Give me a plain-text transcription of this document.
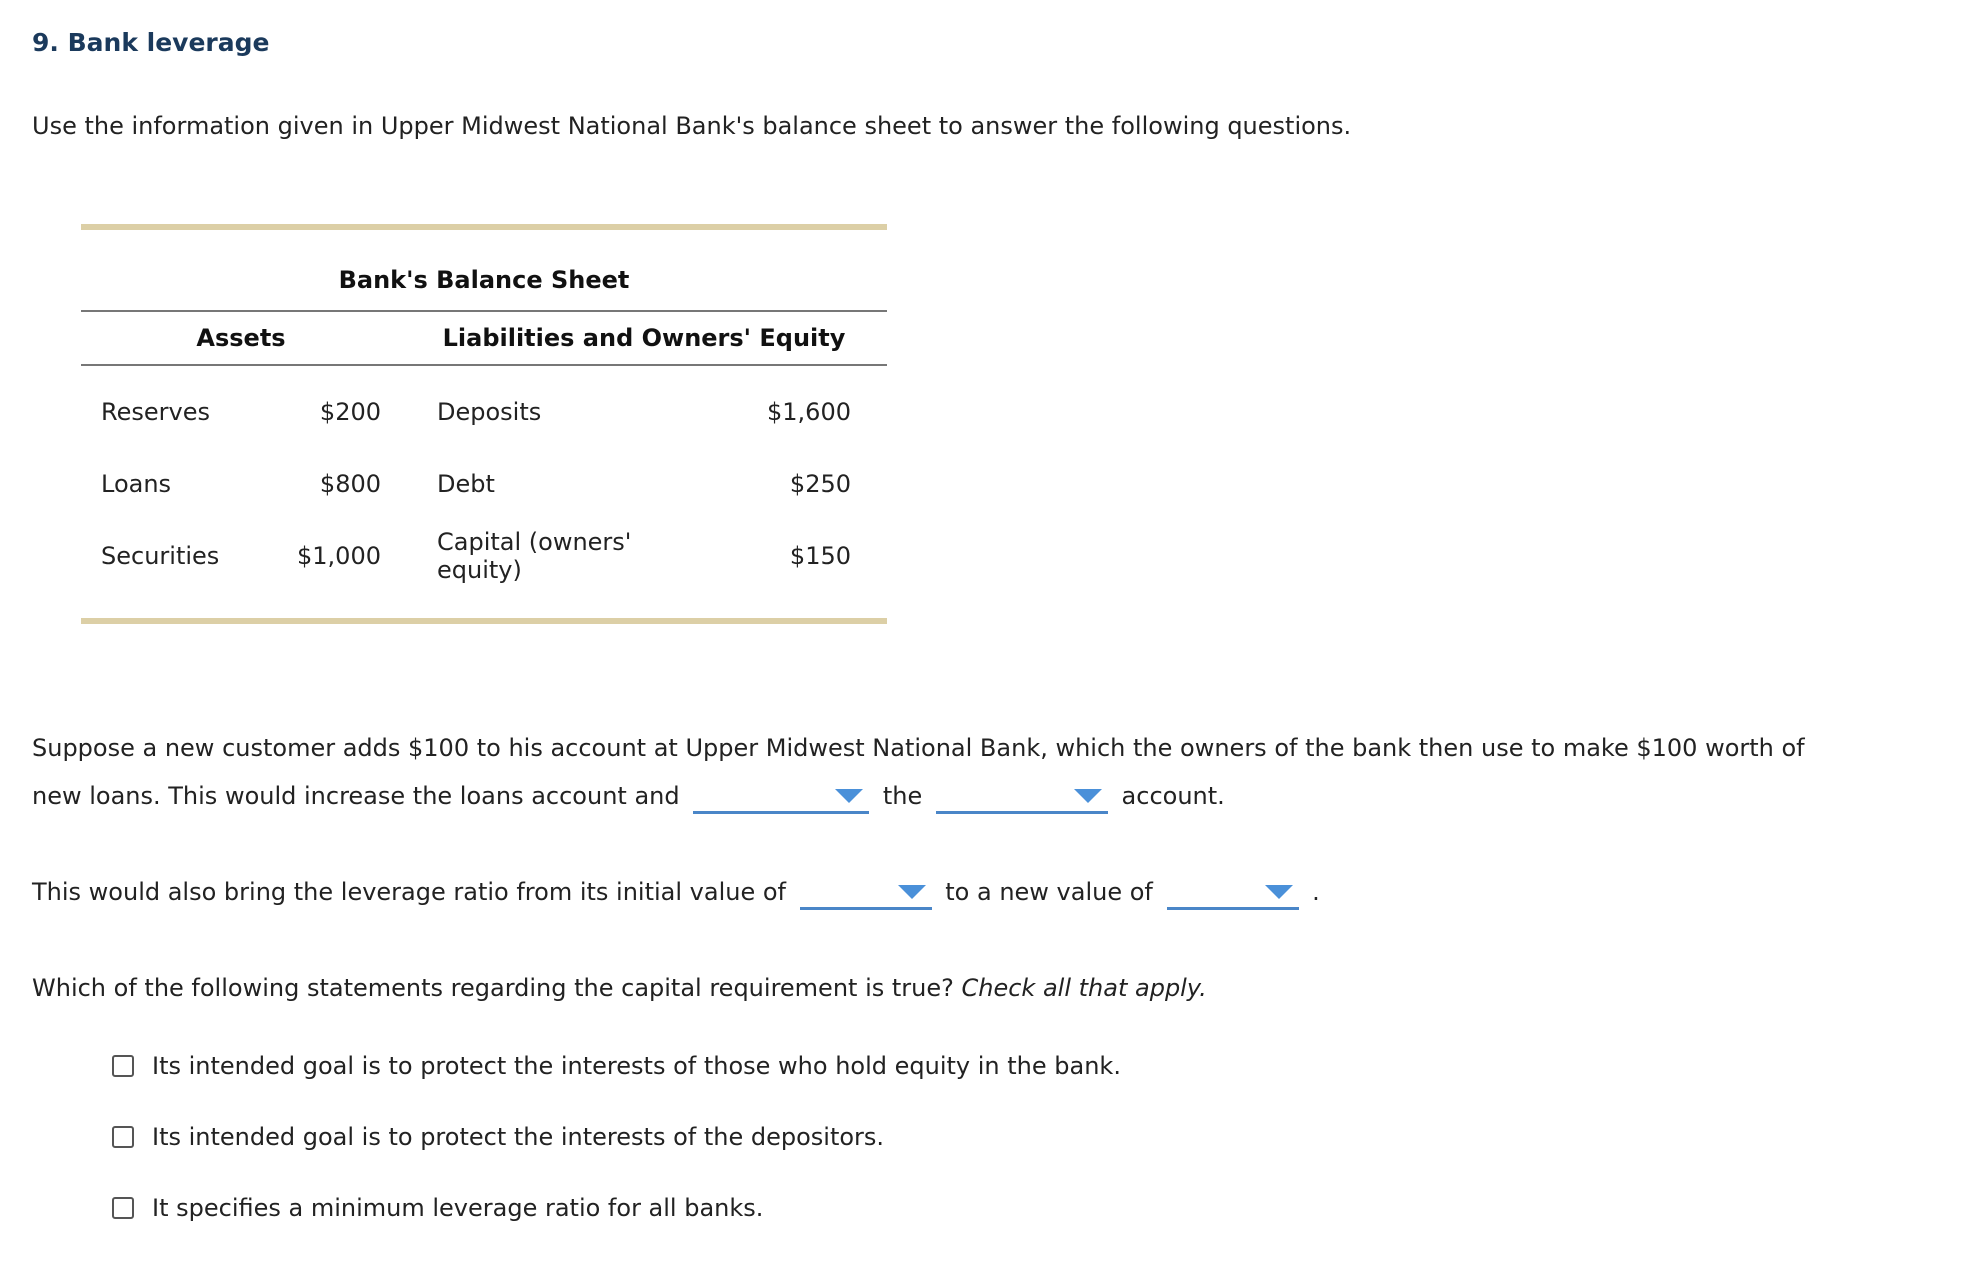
9. Bank leverage

Use the information given in Upper Midwest National Bank's balance sheet to answer the following questions.

Bank's Balance Sheet
Assets		Liabilities and Owners' Equity	
Reserves	$200	Deposits	$1,600
Loans	$800	Debt	$250
Securities	$1,000	Capital (owners' equity)	$150

Suppose a new customer adds $100 to his account at Upper Midwest National Bank, which the owners of the bank then use to make $100 worth of
new loans. This would increase the loans account and	the	account.

This would also bring the leverage ratio from its initial value of	to a new value of	.

Which of the following statements regarding the capital requirement is true? Check all that apply.

Its intended goal is to protect the interests of those who hold equity in the bank.
Its intended goal is to protect the interests of the depositors.
It specifies a minimum leverage ratio for all banks.
